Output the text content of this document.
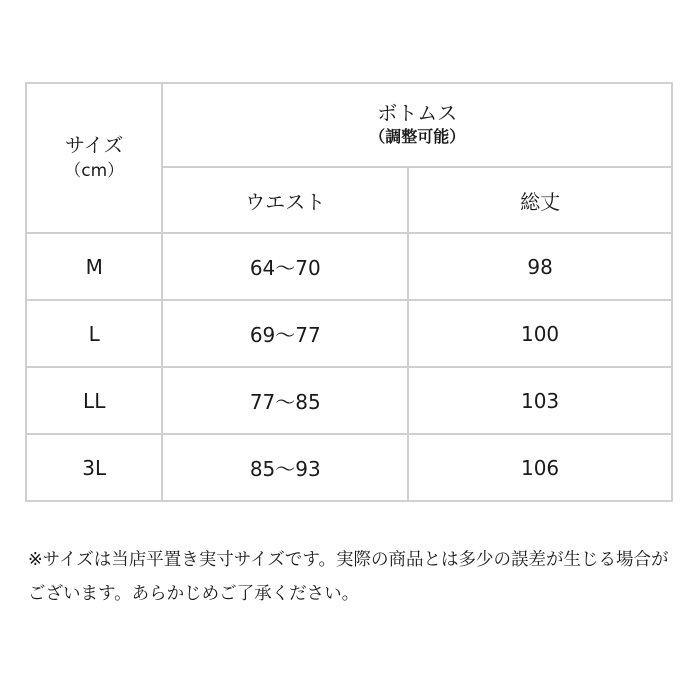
サイズ
（cm）	ボトムス
（調整可能）	

	ウエスト	総丈
M	64〜70	98
L	69〜77	100
LL	77〜85	103
3L	85〜93	106
※サイズは当店平置き実寸サイズです。実際の商品とは多少の誤差が生じる場合がございます。あらかじめご了承ください。
